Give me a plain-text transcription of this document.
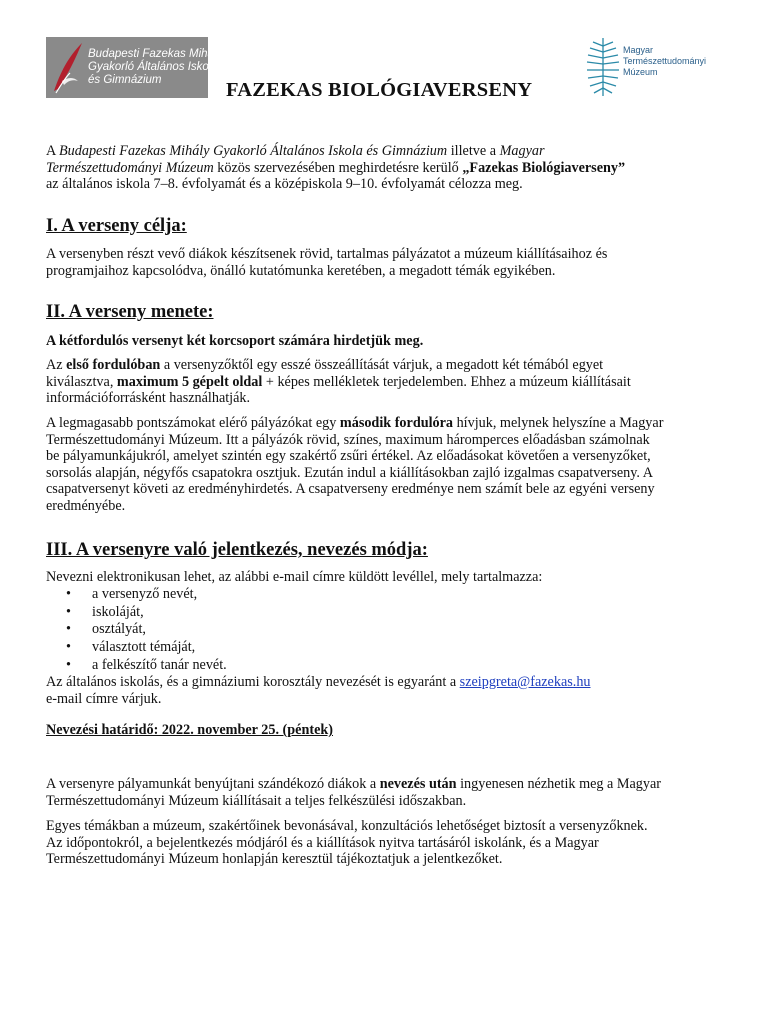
Budapesti Fazekas Mihály
Gyakorló Általános Iskola
és Gimnázium
Magyar
Természettudományi
Múzeum
FAZEKAS BIOLÓGIAVERSENY
A Budapesti Fazekas Mihály Gyakorló Általános Iskola és Gimnázium illetve a Magyar
Természettudományi Múzeum közös szervezésében meghirdetésre kerülő „Fazekas Biológiaverseny”
az általános iskola 7–8. évfolyamát és a középiskola 9–10. évfolyamát célozza meg.
I. A verseny célja:
A versenyben részt vevő diákok készítsenek rövid, tartalmas pályázatot a múzeum kiállításaihoz és
programjaihoz kapcsolódva, önálló kutatómunka keretében, a megadott témák egyikében.
II. A verseny menete:
A kétfordulós versenyt két korcsoport számára hirdetjük meg.
Az első fordulóban a versenyzőktől egy esszé összeállítását várjuk, a megadott két témából egyet
kiválasztva, maximum 5 gépelt oldal + képes mellékletek terjedelemben. Ehhez a múzeum kiállításait
információforrásként használhatják.
A legmagasabb pontszámokat elérő pályázókat egy második fordulóra hívjuk, melynek helyszíne a Magyar
Természettudományi Múzeum. Itt a pályázók rövid, színes, maximum háromperces előadásban számolnak
be pályamunkájukról, amelyet szintén egy szakértő zsűri értékel. Az előadásokat követően a versenyzőket,
sorsolás alapján, négyfős csapatokra osztjuk. Ezután indul a kiállításokban zajló izgalmas csapatverseny. A
csapatversenyt követi az eredményhirdetés. A csapatverseny eredménye nem számít bele az egyéni verseny
eredményébe.
III. A versenyre való jelentkezés, nevezés módja:
Nevezni elektronikusan lehet, az alábbi e-mail címre küldött levéllel, mely tartalmazza:
•	a versenyző nevét,
•	iskoláját,
•	osztályát,
•	választott témáját,
•	a felkészítő tanár nevét.
Az általános iskolás, és a gimnáziumi korosztály nevezését is egyaránt a szeipgreta@fazekas.hu
e-mail címre várjuk.
Nevezési határidő: 2022. november 25. (péntek)
A versenyre pályamunkát benyújtani szándékozó diákok a nevezés után ingyenesen nézhetik meg a Magyar
Természettudományi Múzeum kiállításait a teljes felkészülési időszakban.
Egyes témákban a múzeum, szakértőinek bevonásával, konzultációs lehetőséget biztosít a versenyzőknek.
Az időpontokról, a bejelentkezés módjáról és a kiállítások nyitva tartásáról iskolánk, és a Magyar
Természettudományi Múzeum honlapján keresztül tájékoztatjuk a jelentkezőket.
